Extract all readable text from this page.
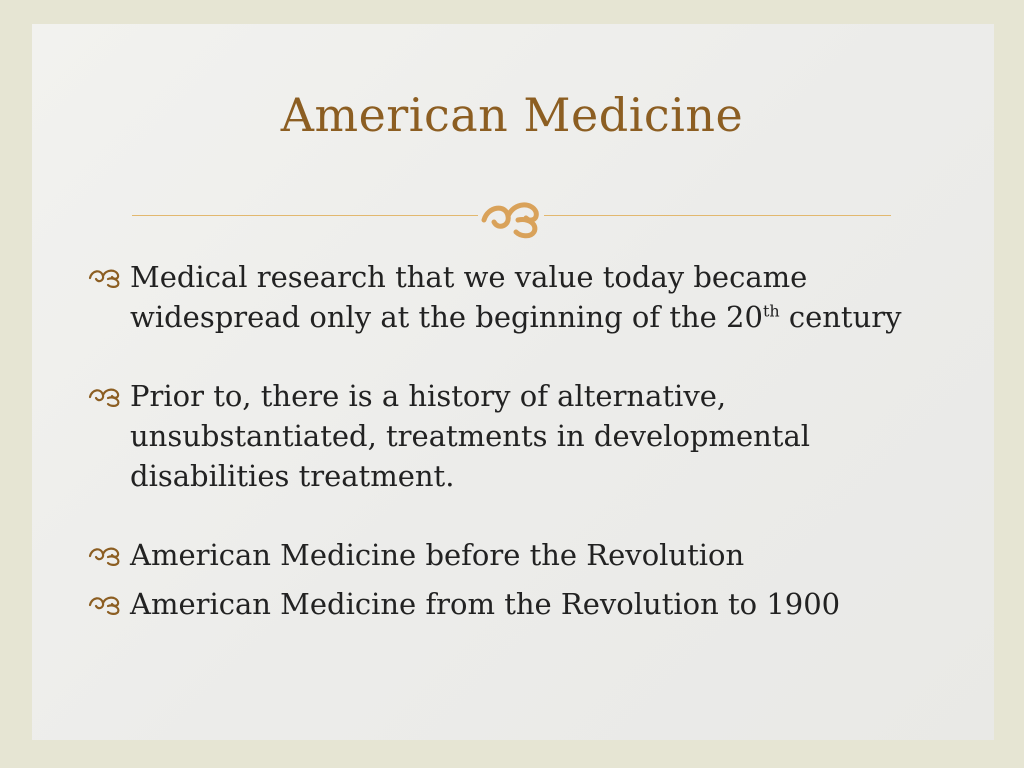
American Medicine
Medical research that we value today became widespread only at the beginning of the 20th century
Prior to, there is a history of alternative, unsubstantiated, treatments in developmental disabilities treatment.
American Medicine before the Revolution
American Medicine from the Revolution to 1900
